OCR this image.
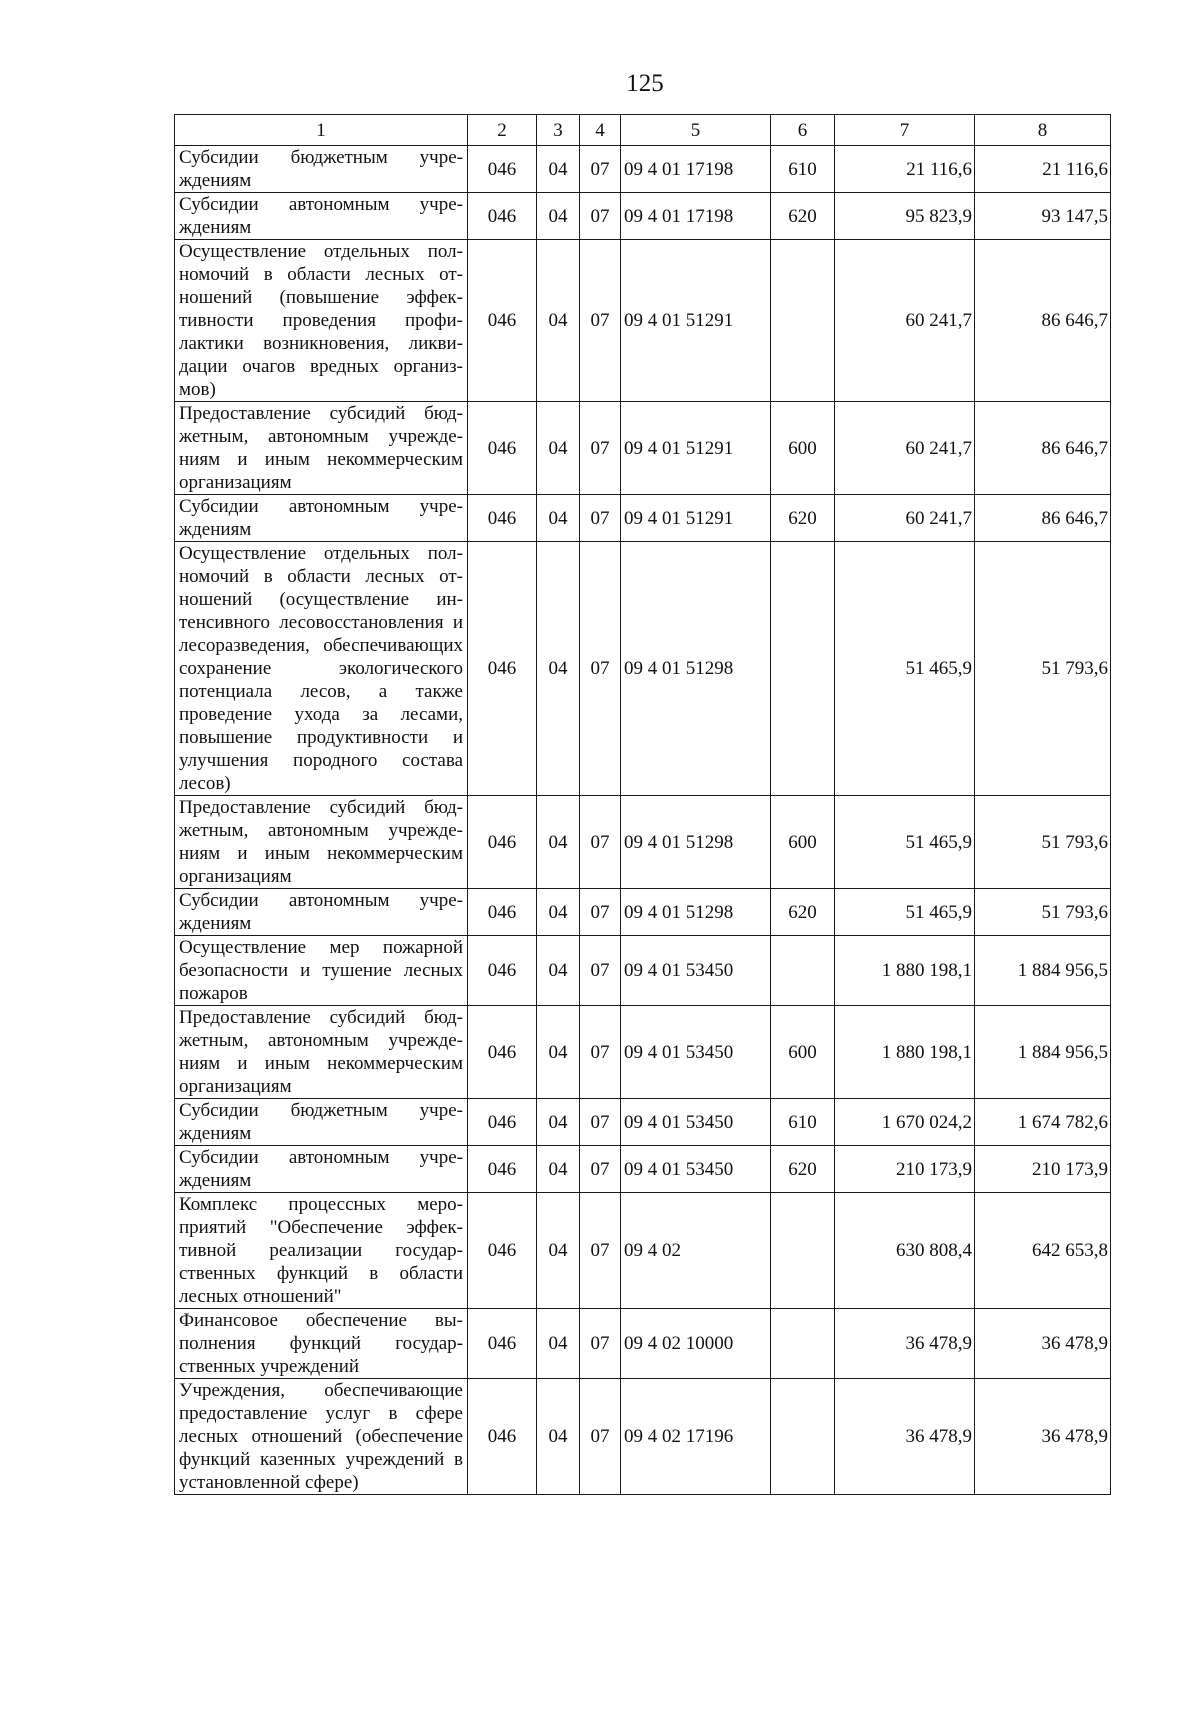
125
1	2	3	4	5	6	7	8
Субсидии бюджетным учреждениям	046	04	07	09 4 01 17198	610	21 116,6	21 116,6
Субсидии автономным учреждениям	046	04	07	09 4 01 17198	620	95 823,9	93 147,5
Осуществление отдельных полномочий в области лесных отношений (повышение эффективности проведения профилактики возникновения, ликвидации очагов вредных организмов)	046	04	07	09 4 01 51291		60 241,7	86 646,7
Предоставление субсидий бюджетным, автономным учреждениям и иным некоммерческим организациям	046	04	07	09 4 01 51291	600	60 241,7	86 646,7
Субсидии автономным учреждениям	046	04	07	09 4 01 51291	620	60 241,7	86 646,7
Осуществление отдельных полномочий в области лесных отношений (осуществление интенсивного лесовосстановления и лесоразведения, обеспечивающих сохранение экологического потенциала лесов, а также проведение ухода за лесами, повышение продуктивности и улучшения породного состава лесов)	046	04	07	09 4 01 51298		51 465,9	51 793,6
Предоставление субсидий бюджетным, автономным учреждениям и иным некоммерческим организациям	046	04	07	09 4 01 51298	600	51 465,9	51 793,6
Субсидии автономным учреждениям	046	04	07	09 4 01 51298	620	51 465,9	51 793,6
Осуществление мер пожарной безопасности и тушение лесных пожаров	046	04	07	09 4 01 53450		1 880 198,1	1 884 956,5
Предоставление субсидий бюджетным, автономным учреждениям и иным некоммерческим организациям	046	04	07	09 4 01 53450	600	1 880 198,1	1 884 956,5
Субсидии бюджетным учреждениям	046	04	07	09 4 01 53450	610	1 670 024,2	1 674 782,6
Субсидии автономным учреждениям	046	04	07	09 4 01 53450	620	210 173,9	210 173,9
Комплекс процессных мероприятий "Обеспечение эффективной реализации государственных функций в области лесных отношений"	046	04	07	09 4 02		630 808,4	642 653,8
Финансовое обеспечение выполнения функций государственных учреждений	046	04	07	09 4 02 10000		36 478,9	36 478,9
Учреждения, обеспечивающие предоставление услуг в сфере лесных отношений (обеспечение функций казенных учреждений в установленной сфере)	046	04	07	09 4 02 17196		36 478,9	36 478,9
